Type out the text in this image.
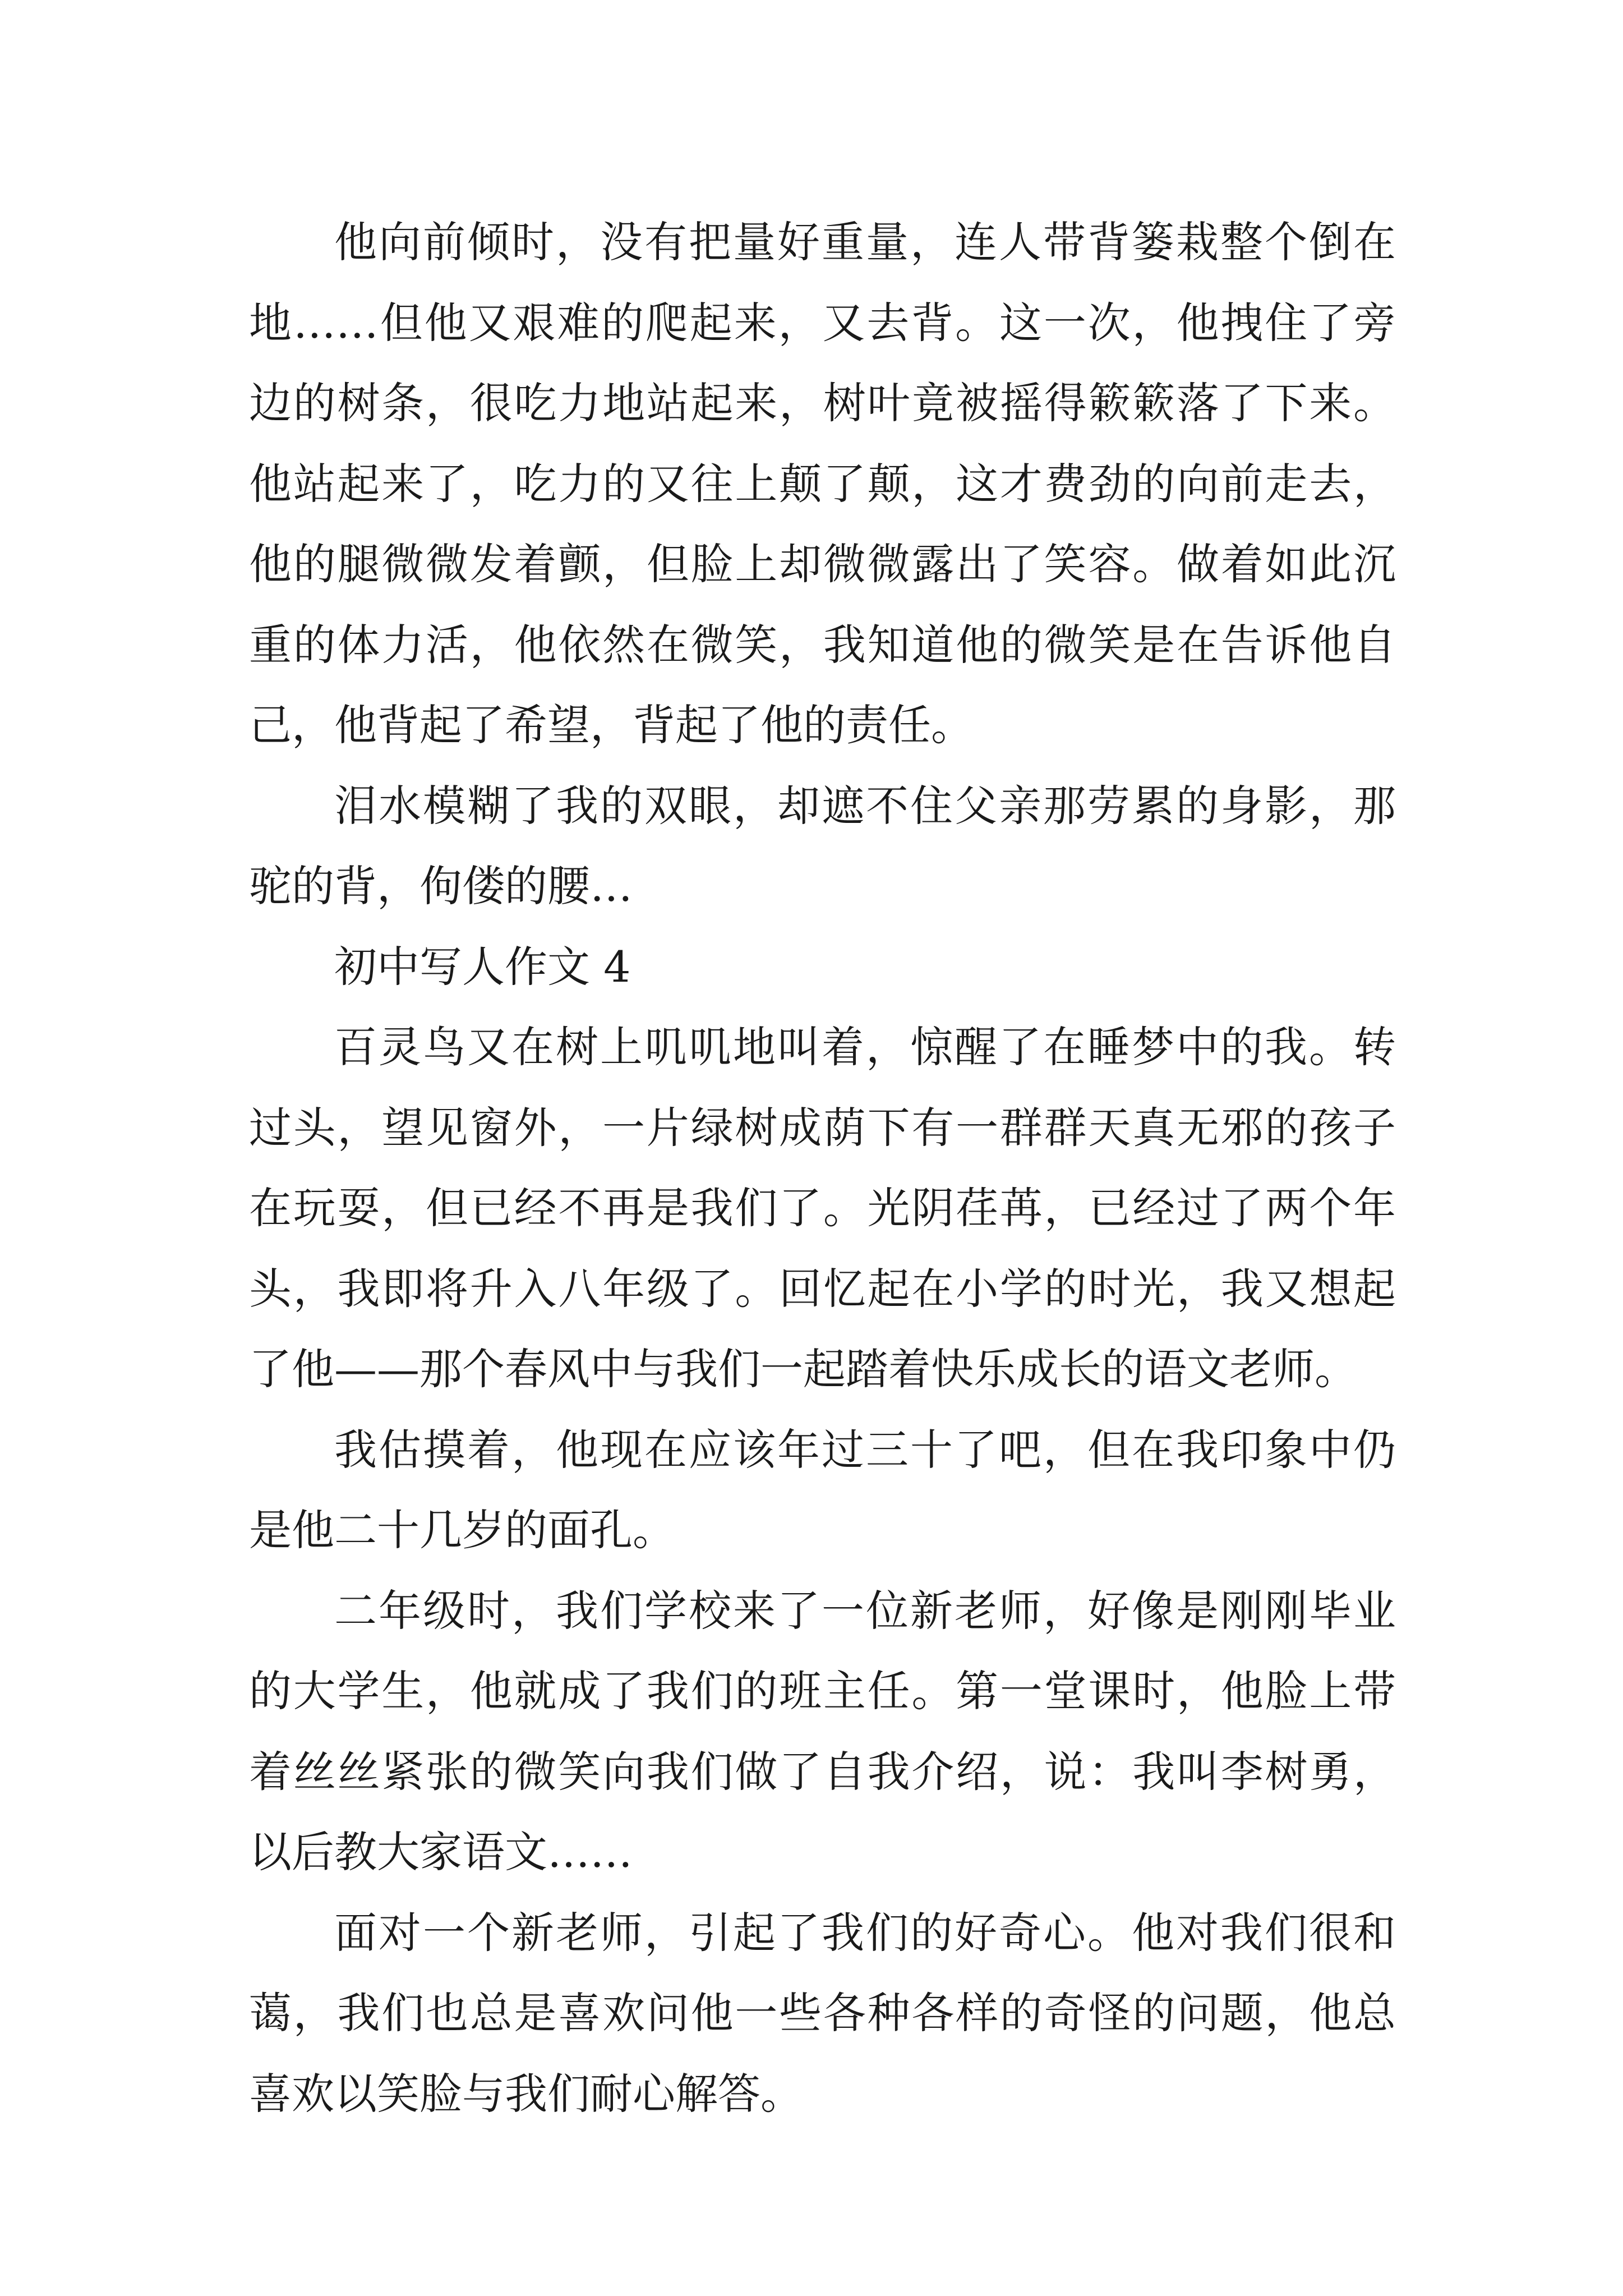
他向前倾时，没有把量好重量，连人带背篓栽整个倒在地……但他又艰难的爬起来，又去背。这一次，他拽住了旁边的树条，很吃力地站起来，树叶竟被摇得簌簌落了下来。他站起来了，吃力的又往上颠了颠，这才费劲的向前走去，他的腿微微发着颤，但脸上却微微露出了笑容。做着如此沉重的体力活，他依然在微笑，我知道他的微笑是在告诉他自己，他背起了希望，背起了他的责任。

泪水模糊了我的双眼，却遮不住父亲那劳累的身影，那驼的背，佝偻的腰…

初中写人作文 4

百灵鸟又在树上叽叽地叫着，惊醒了在睡梦中的我。转过头，望见窗外，一片绿树成荫下有一群群天真无邪的孩子在玩耍，但已经不再是我们了。光阴荏苒，已经过了两个年头，我即将升入八年级了。回忆起在小学的时光，我又想起了他——那个春风中与我们一起踏着快乐成长的语文老师。

我估摸着，他现在应该年过三十了吧，但在我印象中仍是他二十几岁的面孔。

二年级时，我们学校来了一位新老师，好像是刚刚毕业的大学生，他就成了我们的班主任。第一堂课时，他脸上带着丝丝紧张的微笑向我们做了自我介绍，说：我叫李树勇，以后教大家语文……

面对一个新老师，引起了我们的好奇心。他对我们很和蔼，我们也总是喜欢问他一些各种各样的奇怪的问题，他总喜欢以笑脸与我们耐心解答。
